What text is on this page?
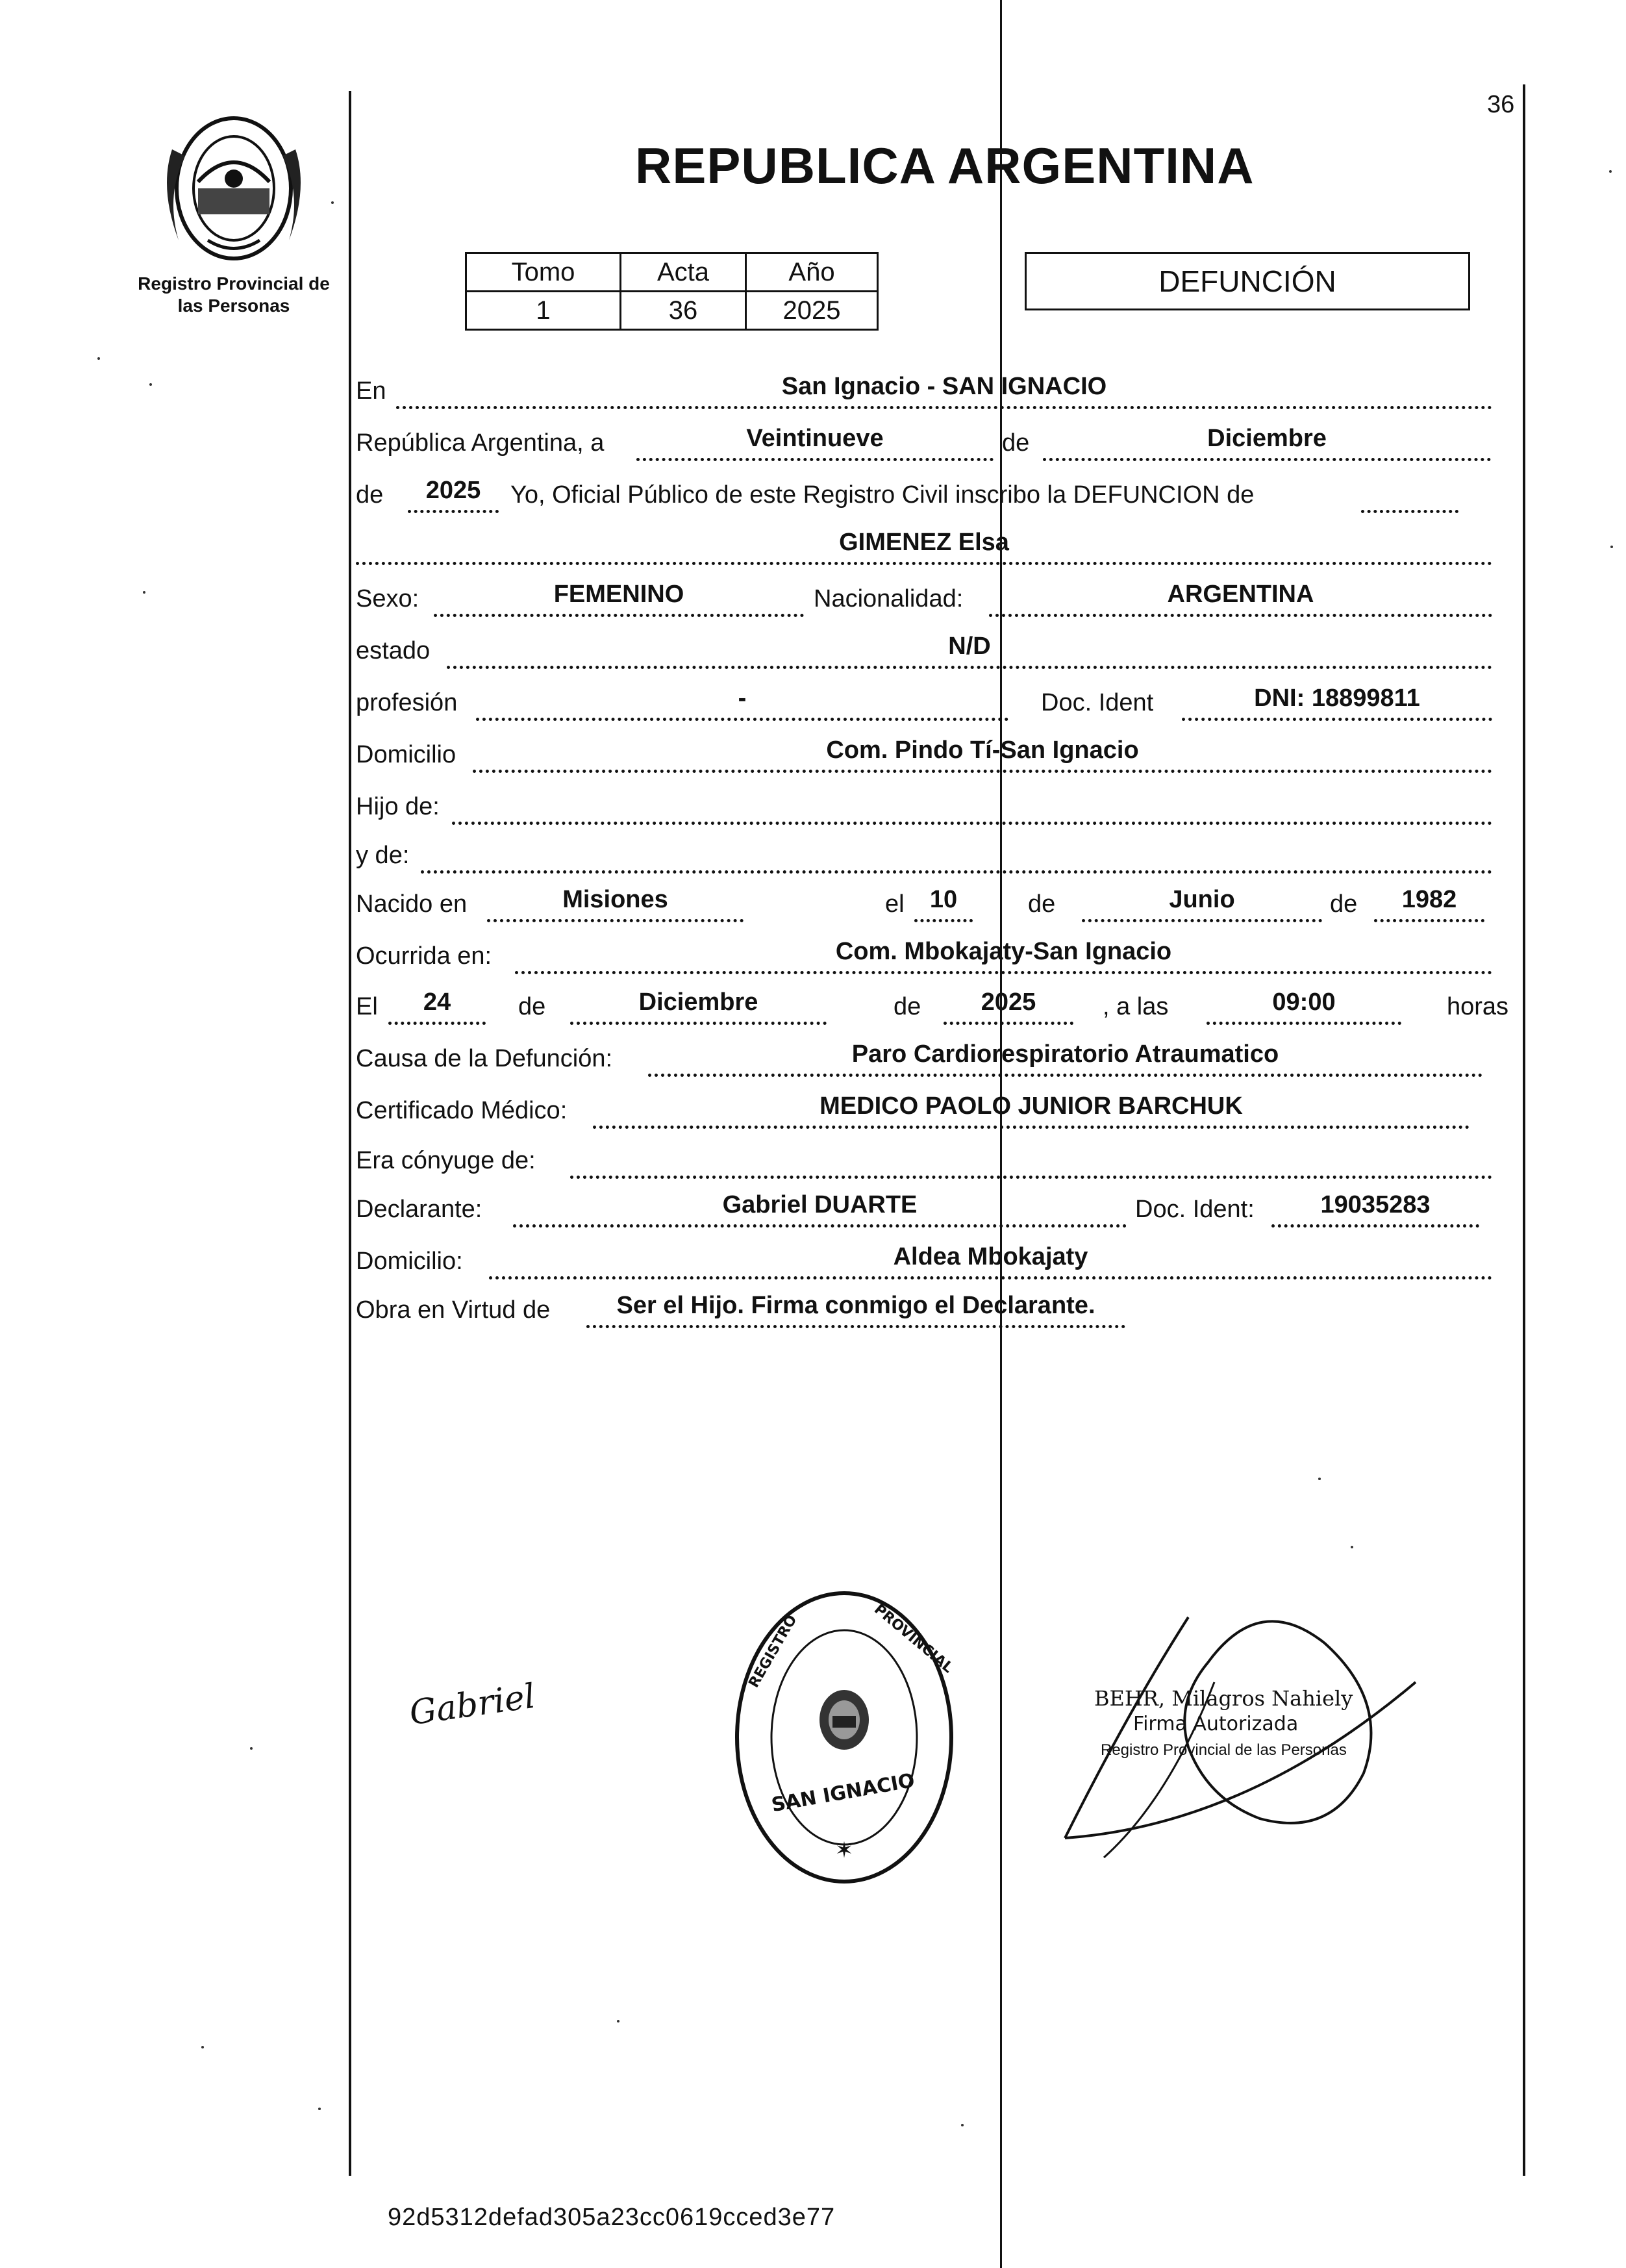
Registro Provincial de las Personas
36
REPUBLICA ARGENTINA
Tomo	Acta	Año
1	36	2025
DEFUNCIÓN
En	San Ignacio - SAN IGNACIO
República Argentina, a	Veintinueve	de	Diciembre
de	2025	Yo, Oficial Público de este Registro Civil inscribo la DEFUNCION de
GIMENEZ Elsa
Sexo:	FEMENINO	Nacionalidad:	ARGENTINA
estado	N/D
profesión	-	Doc. Ident	DNI: 18899811
Domicilio	Com. Pindo Tí-San Ignacio
Hijo de:
y de:
Nacido en	Misiones	el	10	de	Junio	de	1982
Ocurrida en:	Com. Mbokajaty-San Ignacio
El	24	de	Diciembre	de	2025	, a las	09:00	horas
Causa de la Defunción:	Paro Cardiorespiratorio Atraumatico
Certificado Médico:	MEDICO PAOLO JUNIOR BARCHUK
Era cónyuge de:
Declarante:	Gabriel DUARTE	Doc. Ident:	19035283
Domicilio:	Aldea Mbokajaty
Obra en Virtud de	Ser el Hijo. Firma conmigo el Declarante.
Gabriel
SAN IGNACIO
✶
REGISTRO	PROVINCIAL
BEHR, Milagros Nahiely
Firma Autorizada
Registro Provincial de las Personas
92d5312defad305a23cc0619cced3e77
